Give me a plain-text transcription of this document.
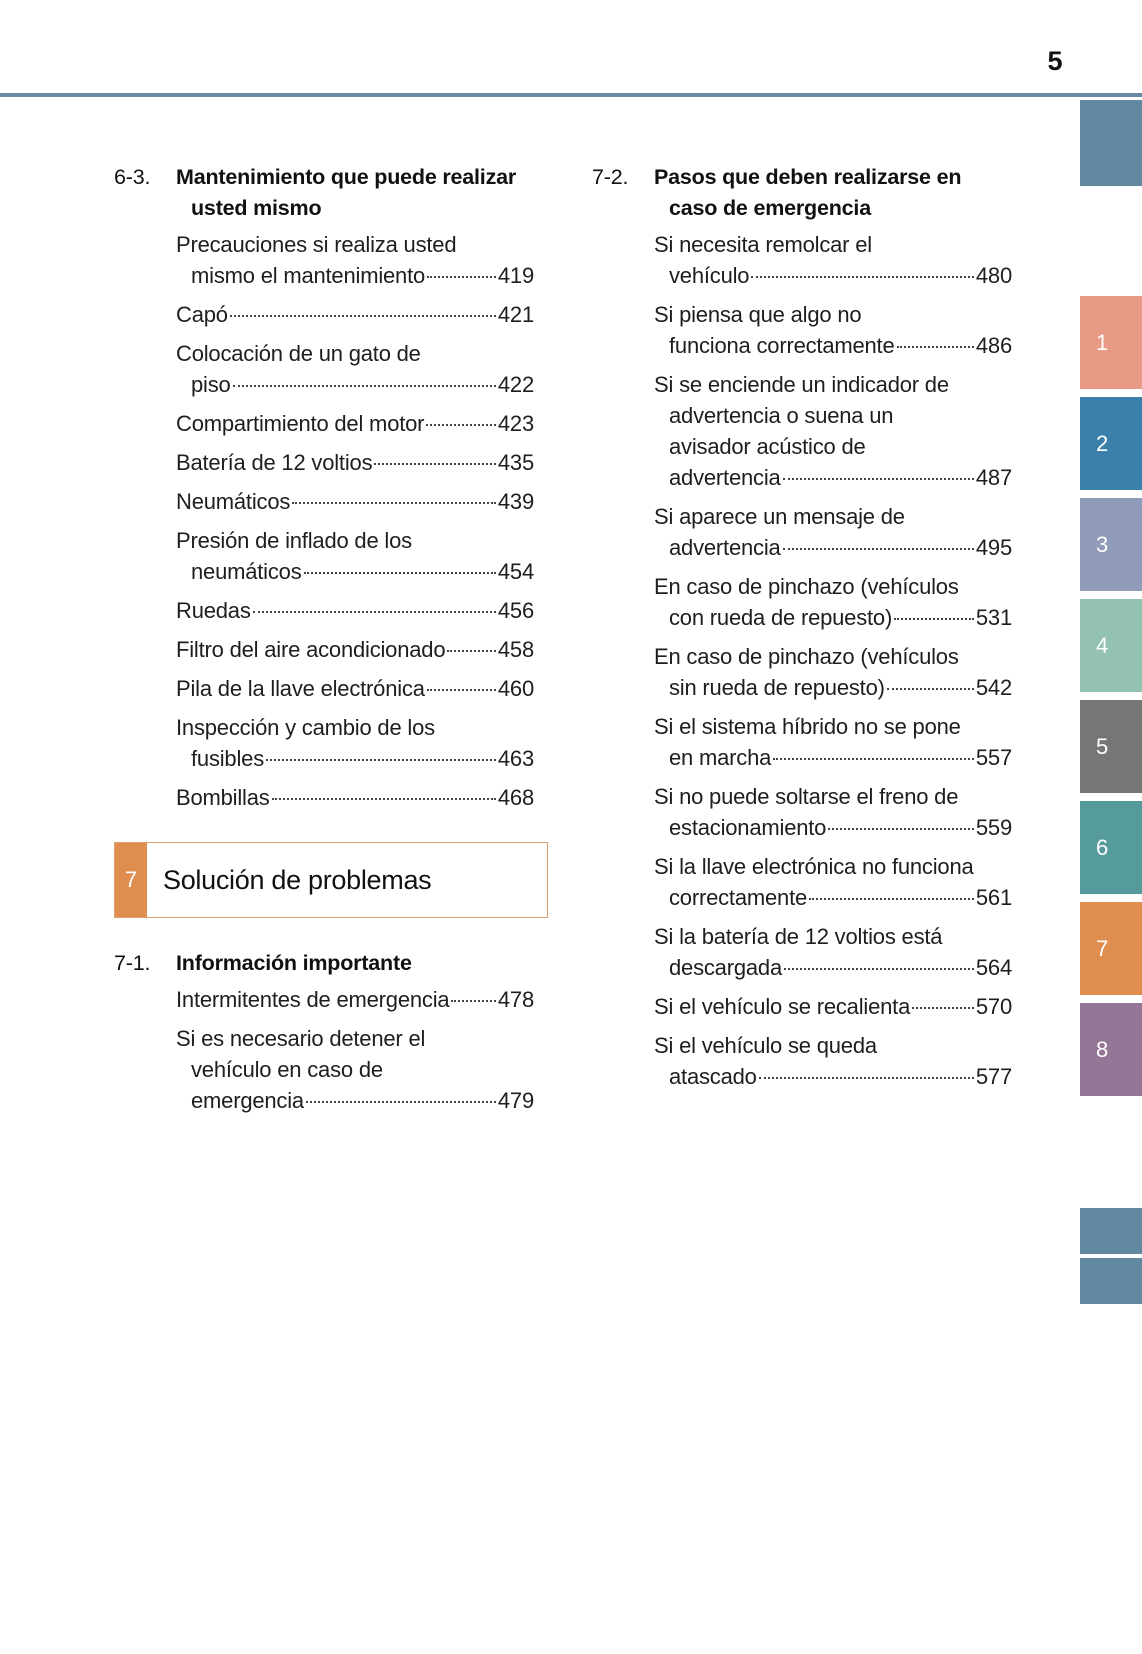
5
6-3.	Mantenimiento que puede realizar usted mismo
Precauciones si realiza usted
mismo el mantenimiento	419
Capó	421
Colocación de un gato de
piso	422
Compartimiento del motor	423
Batería de 12 voltios	435
Neumáticos	439
Presión de inflado de los
neumáticos	454
Ruedas	456
Filtro del aire acondicionado 458
Pila de la llave electrónica	460
Inspección y cambio de los
fusibles	463
Bombillas	468
7 Solución de problemas
7-1.	Información importante
Intermitentes de emergencia 478
Si es necesario detener el
vehículo en caso de
emergencia	479
7-2.	Pasos que deben realizarse en caso de emergencia
Si necesita remolcar el
vehículo	480
Si piensa que algo no
funciona correctamente	486
Si se enciende un indicador de
advertencia o suena un
avisador acústico de
advertencia	487
Si aparece un mensaje de
advertencia	495
En caso de pinchazo (vehículos
con rueda de repuesto)	531
En caso de pinchazo (vehículos
sin rueda de repuesto)	542
Si el sistema híbrido no se pone
en marcha	557
Si no puede soltarse el freno de
estacionamiento	559
Si la llave electrónica no funciona
correctamente	561
Si la batería de 12 voltios está
descargada	564
Si el vehículo se recalienta	570
Si el vehículo se queda
atascado	577
1
2
3
4
5
6
7
8
